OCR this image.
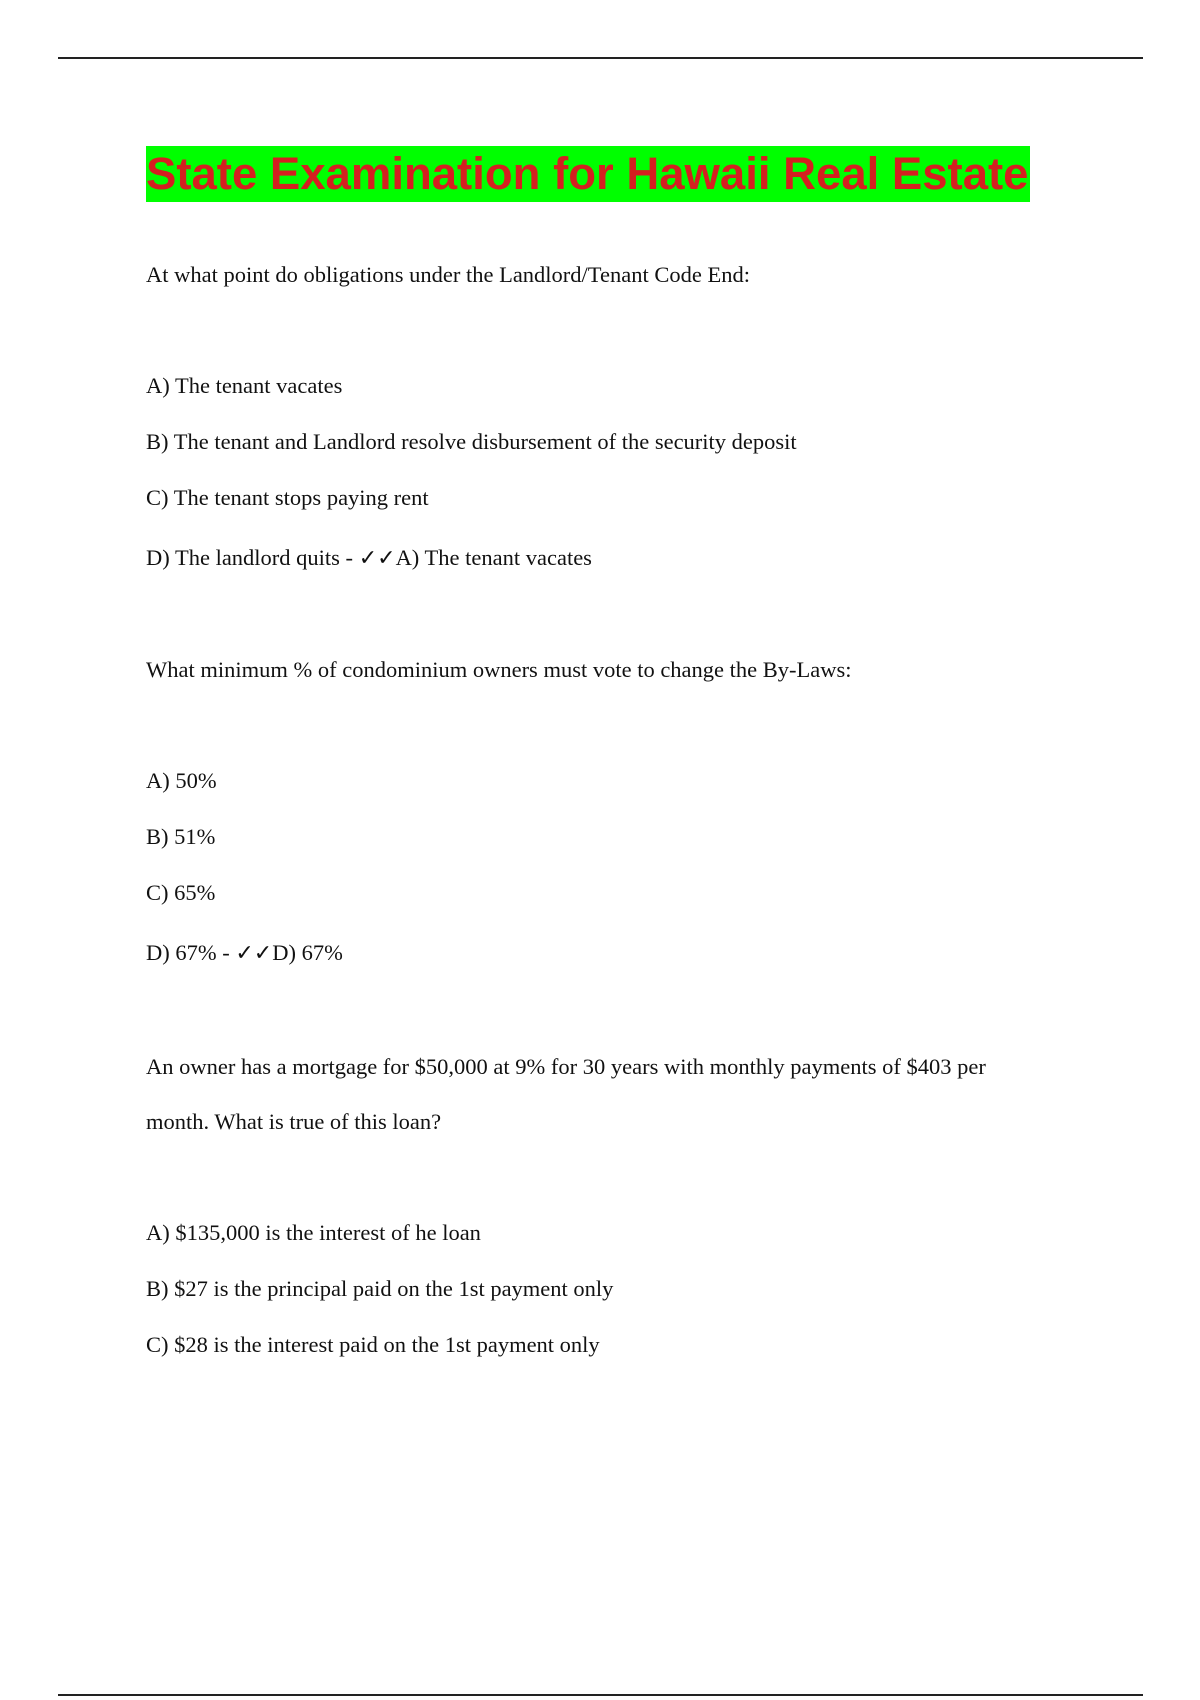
State Examination for Hawaii Real Estate

At what point do obligations under the Landlord/Tenant Code End:

A) The tenant vacates

B) The tenant and Landlord resolve disbursement of the security deposit

C) The tenant stops paying rent

D) The landlord quits - ✓✓A) The tenant vacates

What minimum % of condominium owners must vote to change the By-Laws:

A) 50%

B) 51%

C) 65%

D) 67% - ✓✓D) 67%

An owner has a mortgage for $50,000 at 9% for 30 years with monthly payments of $403 per

month. What is true of this loan?

A) $135,000 is the interest of he loan

B) $27 is the principal paid on the 1st payment only

C) $28 is the interest paid on the 1st payment only
